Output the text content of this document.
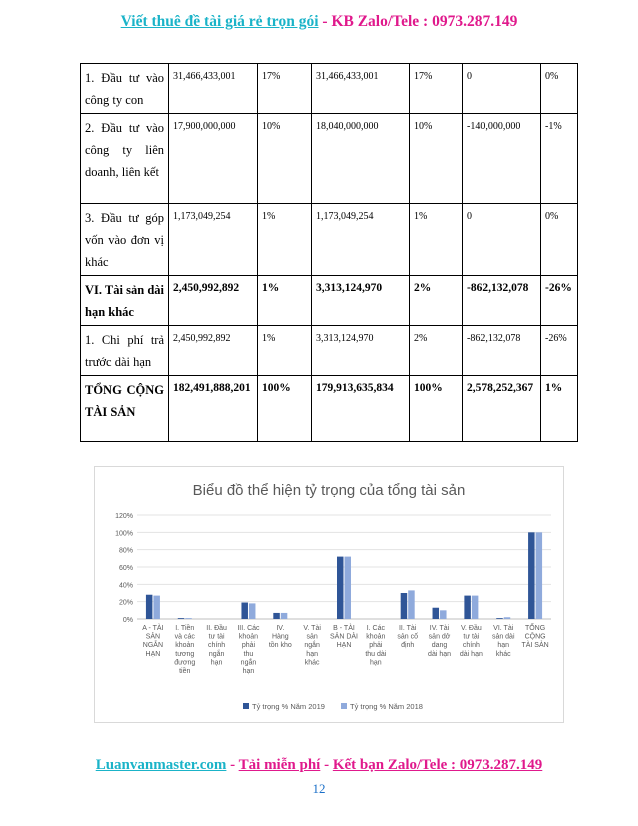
Viết thuê đề tài giá rẻ trọn gói - KB Zalo/Tele : 0973.287.149
1. Đầu tư vào công ty con	31,466,433,001	17%	31,466,433,001	17%	0	0%
2. Đầu tư vào công ty liên doanh, liên kết	17,900,000,000	10%	18,040,000,000	10%	-140,000,000	-1%
3. Đầu tư góp vốn vào đơn vị khác	1,173,049,254	1%	1,173,049,254	1%	0	0%
VI. Tài sản dài hạn khác	2,450,992,892	1%	3,313,124,970	2%	-862,132,078	-26%
1. Chi phí trả trước dài hạn	2,450,992,892	1%	3,313,124,970	2%	-862,132,078	-26%
TỔNG CỘNG TÀI SẢN	182,491,888,201	100%	179,913,635,834	100%	2,578,252,367	1%
Biểu đồ thể hiện tỷ trọng của tổng tài sản
0%
20%
40%
60%
80%
100%
120%
A - TÀI SẢN NGẮN HẠN
I. Tiền và các khoản tương đương tiền
II. Đầu tư tài chính ngắn hạn
III. Các khoản phải thu ngắn hạn
IV. Hàng tồn kho
V. Tài sản ngắn hạn khác
B - TÀI SẢN DÀI HẠN
I. Các khoản phải thu dài hạn
II. Tài sản cố định
IV. Tài sản dở dang dài hạn
V. Đầu tư tài chính dài hạn
VI. Tài sản dài hạn khác
TỔNG CỘNG TÀI SẢN
Tỷ trọng % Năm 2019	Tỷ trọng % Năm 2018
Luanvanmaster.com - Tải miễn phí - Kết bạn Zalo/Tele : 0973.287.149
12
